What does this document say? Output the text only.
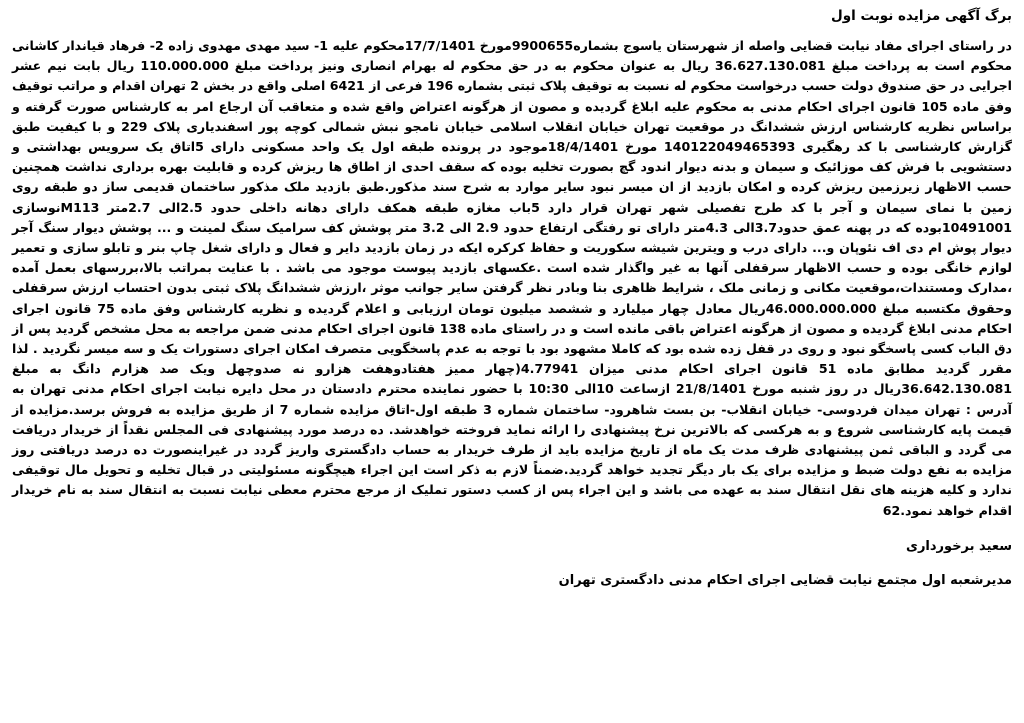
برگ آگهی مزایده نوبت اول

در راستای اجرای مفاد نیابت قضایی واصله از شهرستان یاسوج بشماره9900655مورخ 17/7/1401محکوم علیه 1- سید مهدی مهدوی زاده 2- فرهاد قیاندار کاشانی محکوم است به پرداخت مبلغ 36.627.130.081 ریال به عنوان محکوم به در حق محکوم له بهرام انصاری ونیز پرداخت مبلغ 110.000.000 ریال بابت نیم عشر اجرایی در حق صندوق دولت حسب درخواست محکوم له نسبت به توقیف پلاک ثبتی بشماره 196 فرعی از 6421 اصلی واقع در بخش 2 تهران اقدام و مراتب توقیف وفق ماده 105 قانون اجرای احکام مدنی به محکوم علیه ابلاغ گردیده و مصون از هرگونه اعتراض واقع شده و متعاقب آن ارجاع امر به کارشناس صورت گرفته و براساس نظریه کارشناس ارزش ششدانگ در موقعیت تهران خیابان انقلاب اسلامی خیابان نامجو نبش شمالی کوچه پور اسفندیاری پلاک 229 و با کیفیت طبق گزارش کارشناسی با کد رهگیری 140122049465393 مورخ 18/4/1401موجود در پرونده طبقه اول یک واحد مسکونی دارای 5اتاق یک سرویس بهداشتی و دستشویی با فرش کف موزائیک و سیمان و بدنه دیوار اندود گچ بصورت تخلیه بوده که سقف احدی از اطاق ها ریزش کرده و قابلیت بهره برداری نداشت همچنین حسب الاظهار زیرزمین ریزش کرده و امکان بازدید از ان میسر نبود سایر موارد به شرح سند مذکور.طبق بازدید ملک مذکور ساختمان قدیمی ساز دو طبقه روی زمین با نمای سیمان و آجر با کد طرح تفصیلی شهر تهران قرار دارد 5باب مغازه طبقه همکف دارای دهانه داخلی حدود 2.5الی 2.7متر M113نوسازی 10491001بوده که در پهنه عمق حدود3.7الی 4.3متر دارای تو رفتگی ارتفاع حدود 2.9 الی 3.2 متر پوشش کف سرامیک سنگ لمینت و ... پوشش دیوار سنگ آجر دیوار پوش ام دی اف نئوپان و... دارای درب و ویترین شیشه سکوریت و حفاظ کرکره ایکه در زمان بازدید دایر و فعال و دارای شغل چاپ بنر و تابلو سازی و تعمیر لوازم خانگی بوده و حسب الاظهار سرقفلی آنها به غیر واگذار شده است .عکسهای بازدید پیوست موجود می باشد . با عنایت بمراتب بالا،بررسهای بعمل آمده ،مدارک ومستندات،موقعیت مکانی و زمانی ملک ، شرایط ظاهری بنا وبادر نظر گرفتن سایر جوانب موثر ،ارزش ششدانگ پلاک ثبتی بدون احتساب ارزش سرقفلی وحقوق مکتسبه مبلغ 46.000.000.000ریال معادل چهار میلیارد و ششصد میلیون تومان ارزیابی و اعلام گردیده و نظریه کارشناس وفق ماده 75 قانون اجرای احکام مدنی ابلاغ گردیده و مصون از هرگونه اعتراض باقی مانده است و در راستای ماده 138 قانون اجرای احکام مدنی ضمن مراجعه به محل مشخص گردید پس از دق الباب کسی پاسخگو نبود و روی در قفل زده شده بود که کاملا مشهود بود با توجه به عدم پاسخگویی متصرف امکان اجرای دستورات یک و سه میسر نگردید . لذا مقرر گردید مطابق ماده 51 قانون اجرای احکام مدنی میزان 4.77941(چهار ممیز هفتادوهفت هزارو نه صدوچهل ویک صد هزارم دانگ به مبلغ 36.642.130.081ریال در روز شنبه مورخ 21/8/1401 ازساعت 10الی 10:30 با حضور نماینده محترم دادستان در محل دایره نیابت اجرای احکام مدنی تهران به آدرس : تهران میدان فردوسی- خیابان انقلاب- بن بست شاهرود- ساختمان شماره 3 طبقه اول-اتاق مزایده شماره 7 از طریق مزایده به فروش برسد.مزایده از قیمت پایه کارشناسی شروع و به هرکسی که بالاترین نرخ پیشنهادی را ارائه نماید فروخته خواهدشد. ده درصد مورد پیشنهادی فی المجلس نقداً از خریدار دریافت می گردد و الباقی ثمن پیشنهادی ظرف مدت یک ماه از تاریخ مزایده باید از طرف خریدار به حساب دادگستری واریز گردد در غیراینصورت ده درصد دریافتی روز مزایده به نفع دولت ضبط و مزایده برای یک بار دیگر تجدید خواهد گردید.ضمناً لازم به ذکر است این اجراء هیچگونه مسئولیتی در قبال تخلیه و تحویل مال توقیفی ندارد و کلیه هزینه های نقل انتقال سند به عهده می باشد و این اجراء پس از کسب دستور تملیک از مرجع محترم معطی نیابت نسبت به انتقال سند به نام خریدار اقدام خواهد نمود.62

سعید برخورداری

مدیرشعبه اول مجتمع نیابت قضایی اجرای احکام مدنی دادگستری تهران
